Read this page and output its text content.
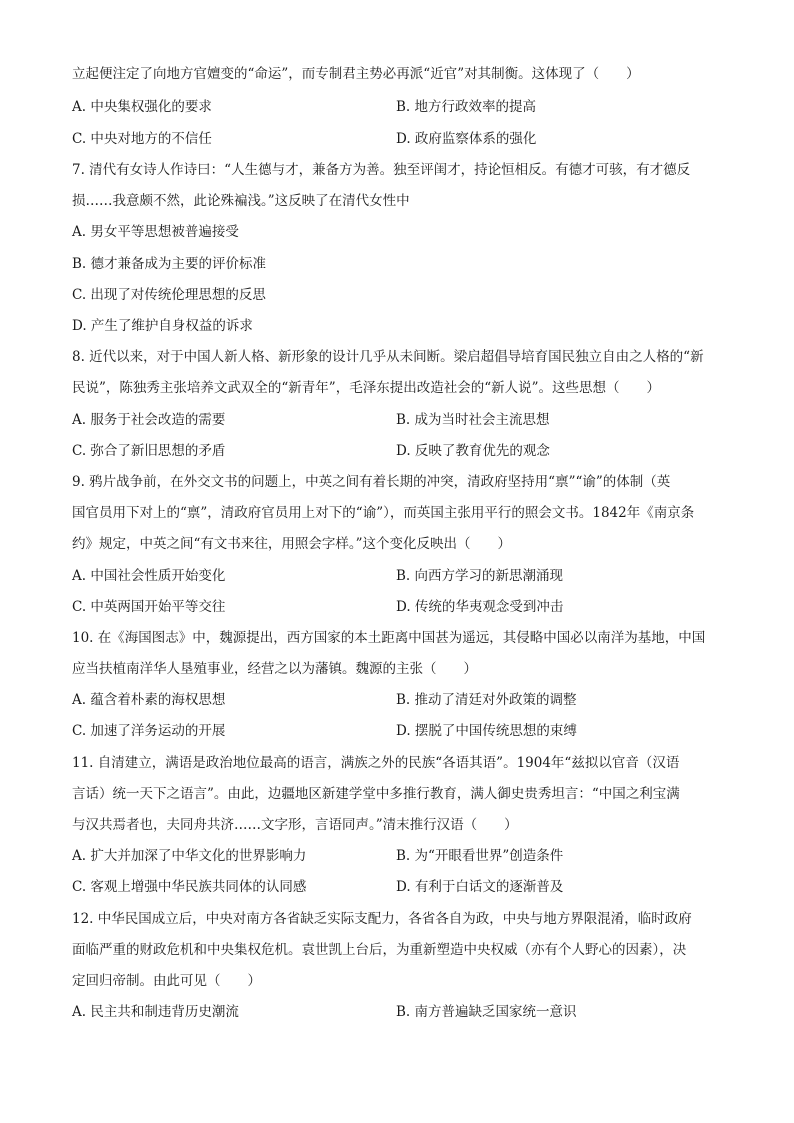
立起便注定了向地方官嬗变的“命运”，而专制君主势必再派“近官”对其制衡。这体现了（　　）
A. 中央集权强化的要求	B. 地方行政效率的提高
C. 中央对地方的不信任	D. 政府监察体系的强化
7. 清代有女诗人作诗曰：“人生德与才，兼备方为善。独至评闺才，持论恒相反。有德才可骇，有才德反
损……我意颇不然，此论殊褊浅。”这反映了在清代女性中
A. 男女平等思想被普遍接受
B. 德才兼备成为主要的评价标准
C. 出现了对传统伦理思想的反思
D. 产生了维护自身权益的诉求
8. 近代以来，对于中国人新人格、新形象的设计几乎从未间断。梁启超倡导培育国民独立自由之人格的“新
民说”，陈独秀主张培养文武双全的“新青年”，毛泽东提出改造社会的“新人说”。这些思想（　　）
A. 服务于社会改造的需要	B. 成为当时社会主流思想
C. 弥合了新旧思想的矛盾	D. 反映了教育优先的观念
9. 鸦片战争前，在外交文书的问题上，中英之间有着长期的冲突，清政府坚持用“禀”“谕”的体制（英
国官员用下对上的“禀”，清政府官员用上对下的“谕”），而英国主张用平行的照会文书。1842年《南京条
约》规定，中英之间“有文书来往，用照会字样。”这个变化反映出（　　）
A. 中国社会性质开始变化	B. 向西方学习的新思潮涌现
C. 中英两国开始平等交往	D. 传统的华夷观念受到冲击
10. 在《海国图志》中，魏源提出，西方国家的本土距离中国甚为遥远，其侵略中国必以南洋为基地，中国
应当扶植南洋华人垦殖事业，经营之以为藩镇。魏源的主张（　　）
A. 蕴含着朴素的海权思想	B. 推动了清廷对外政策的调整
C. 加速了洋务运动的开展	D. 摆脱了中国传统思想的束缚
11. 自清建立，满语是政治地位最高的语言，满族之外的民族“各语其语”。1904年“兹拟以官音（汉语
言话）统一天下之语言”。由此，边疆地区新建学堂中多推行教育，满人御史贵秀坦言：“中国之利宝满
与汉共焉者也，夫同舟共济……文字形，言语同声。”清末推行汉语（　　）
A. 扩大并加深了中华文化的世界影响力	B. 为“开眼看世界”创造条件
C. 客观上增强中华民族共同体的认同感	D. 有利于白话文的逐渐普及
12. 中华民国成立后，中央对南方各省缺乏实际支配力，各省各自为政，中央与地方界限混淆，临时政府
面临严重的财政危机和中央集权危机。袁世凯上台后，为重新塑造中央权威（亦有个人野心的因素），决
定回归帝制。由此可见（　　）
A. 民主共和制违背历史潮流	B. 南方普遍缺乏国家统一意识
